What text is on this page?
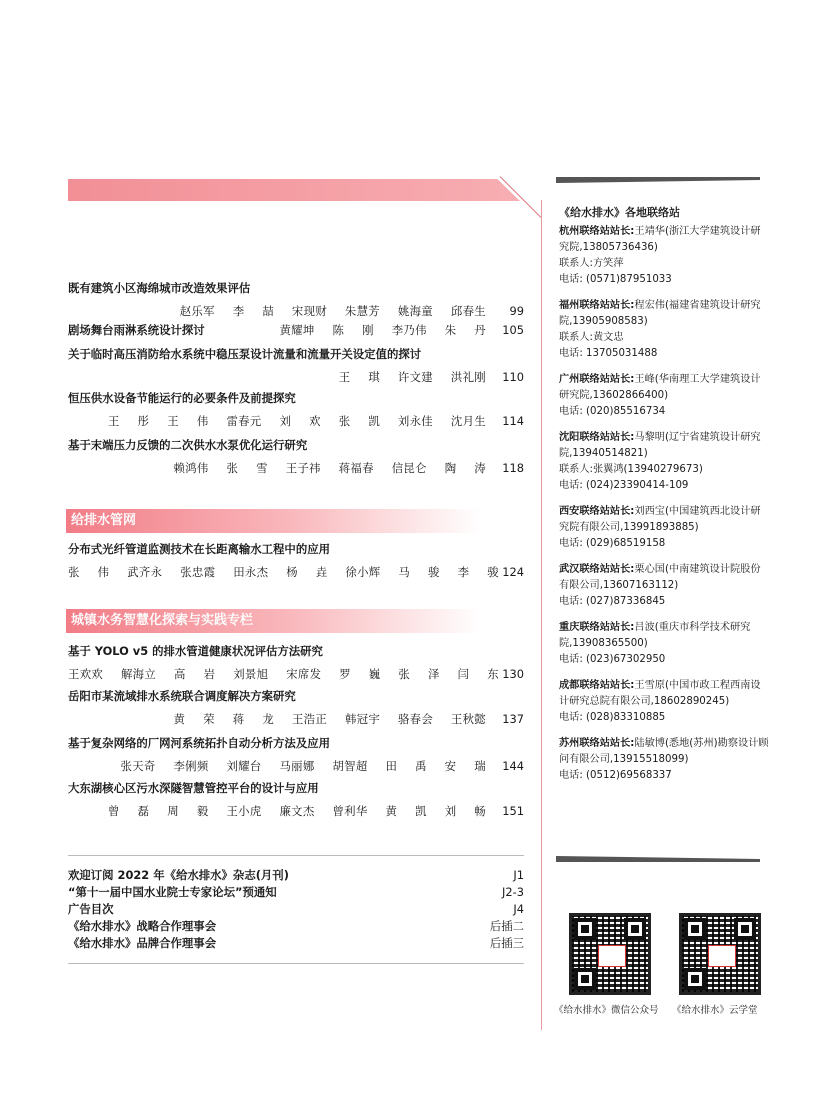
既有建筑小区海绵城市改造效果评估
赵乐军 李 喆 宋现财 朱慧芳 姚海童 邱春生	99
剧场舞台雨淋系统设计探讨	黄耀坤 陈 刚 李乃伟 朱 丹	105
关于临时高压消防给水系统中稳压泵设计流量和流量开关设定值的探讨
王 琪 许文建 洪礼刚	110
恒压供水设备节能运行的必要条件及前提探究
王 彤 王 伟 雷春元 刘 欢 张 凯 刘永佳 沈月生	114
基于末端压力反馈的二次供水水泵优化运行研究
赖鸿伟 张 雪 王子祎 蒋福春 信昆仑 陶 涛	118
给排水管网
分布式光纤管道监测技术在长距离输水工程中的应用
张 伟 武齐永 张忠霞 田永杰 杨 垚 徐小辉 马 骏 李 骏 124
城镇水务智慧化探索与实践专栏
基于 YOLO v5 的排水管道健康状况评估方法研究
王欢欢 解海立 高 岩 刘景旭 宋席发 罗 巍 张 泽 闫 东 130
岳阳市某流域排水系统联合调度解决方案研究
黄 荣 蒋 龙 王浩正 韩冠宇 骆春会 王秋懿	137
基于复杂网络的厂网河系统拓扑自动分析方法及应用
张天奇 李俐频 刘耀台 马丽娜 胡智超 田 禹 安 瑞	144
大东湖核心区污水深隧智慧管控平台的设计与应用
曾 磊 周 毅 王小虎 廉文杰 曾利华 黄 凯 刘 畅	151
欢迎订阅 2022 年《给水排水》杂志(月刊)	J1
“第十一届中国水业院士专家论坛”预通知	J2-3
广告目次	J4
《给水排水》战略合作理事会	后插二
《给水排水》品牌合作理事会	后插三
《给水排水》各地联络站
杭州联络站站长:王靖华(浙江大学建筑设计研究院,13805736436)
联系人:方笑萍
电话: (0571)87951033
福州联络站站长:程宏伟(福建省建筑设计研究院,13905908583)
联系人:黄文忠
电话: 13705031488
广州联络站站长:王峰(华南理工大学建筑设计研究院,13602866400)
电话: (020)85516734
沈阳联络站站长:马黎明(辽宁省建筑设计研究院,13940514821)
联系人:张翼鸿(13940279673)
电话: (024)23390414-109
西安联络站站长:刘西宝(中国建筑西北设计研究院有限公司,13991893885)
电话: (029)68519158
武汉联络站站长:栗心国(中南建筑设计院股份有限公司,13607163112)
电话: (027)87336845
重庆联络站站长:吕波(重庆市科学技术研究院,13908365500)
电话: (023)67302950
成都联络站站长:王雪原(中国市政工程西南设计研究总院有限公司,18602890245)
电话: (028)83310885
苏州联络站站长:陆敏博(悉地(苏州)勘察设计顾问有限公司,13915518099)
电话: (0512)69568337
《给水排水》微信公众号 《给水排水》云学堂
